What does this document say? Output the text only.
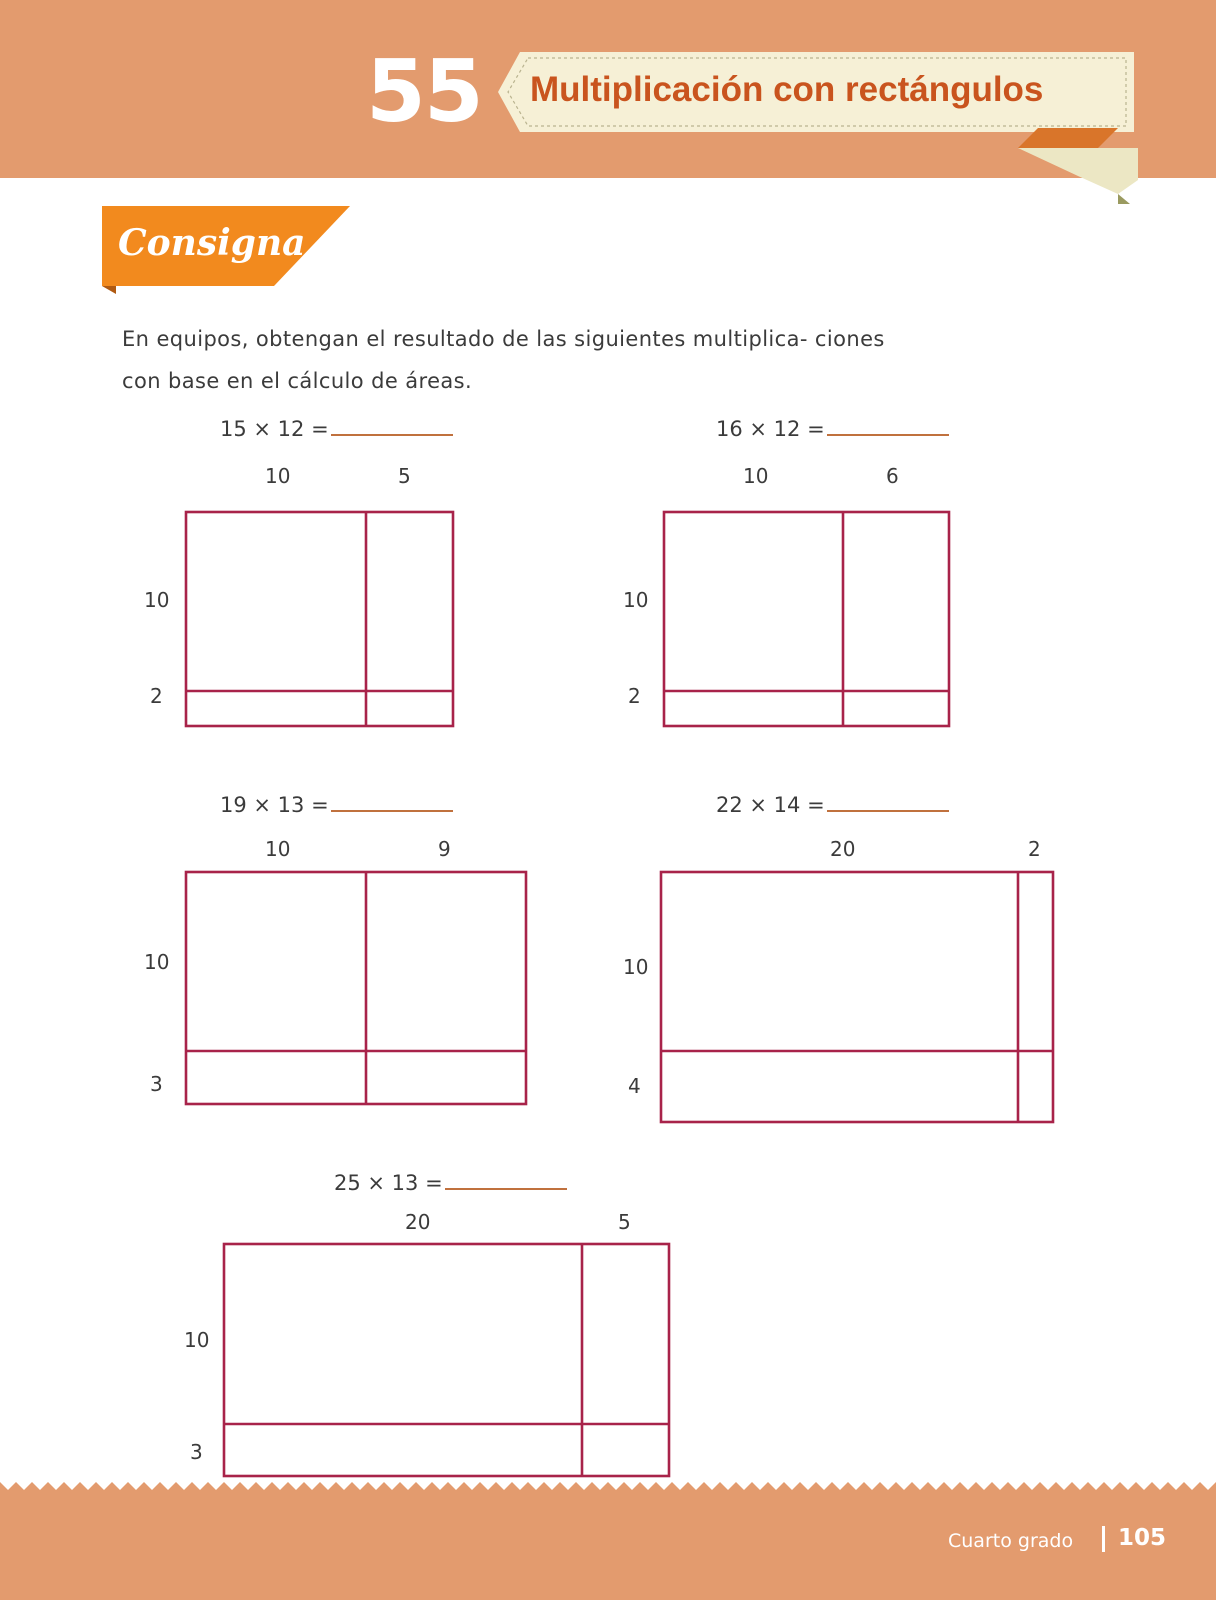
55 Multiplicación con rectángulos
Consigna
En equipos, obtengan el resultado de las siguientes multiplica- ciones con base en el cálculo de áreas.
15 × 12 =
10	5
10
2
16 × 12 =
10	6
10
2
19 × 13 =
10	9
10
3
22 × 14 =
20	2
10
4
25 × 13 =
20	5
10
3
Cuarto grado 105
